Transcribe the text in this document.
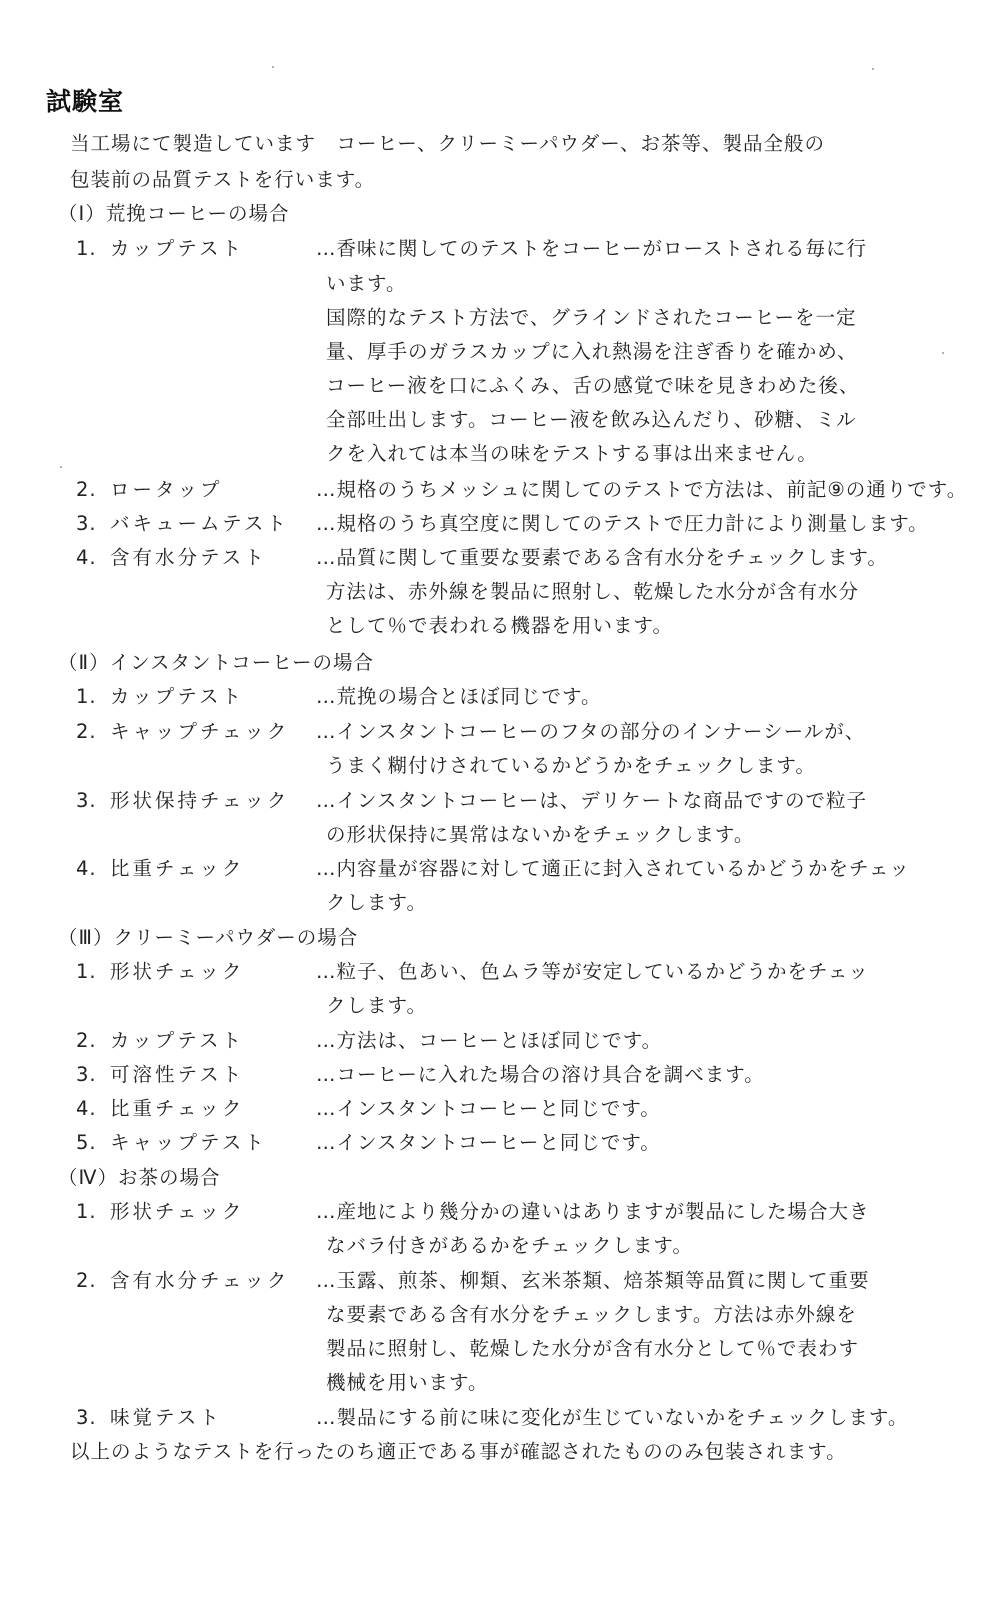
試験室
当工場にて製造しています　コーヒー、クリーミーパウダー、お茶等、製品全般の
包装前の品質テストを行います。
（Ⅰ）荒挽コーヒーの場合
1. カップテスト	…香味に関してのテストをコーヒーがローストされる毎に行
います。
国際的なテスト方法で、グラインドされたコーヒーを一定
量、厚手のガラスカップに入れ熱湯を注ぎ香りを確かめ、
コーヒー液を口にふくみ、舌の感覚で味を見きわめた後、
全部吐出します。コーヒー液を飲み込んだり、砂糖、ミル
クを入れては本当の味をテストする事は出来ません。
2. ロータップ	…規格のうちメッシュに関してのテストで方法は、前記⑨の通りです。
3. バキュームテスト …規格のうち真空度に関してのテストで圧力計により測量します。
4. 含有水分テスト	…品質に関して重要な要素である含有水分をチェックします。
方法は、赤外線を製品に照射し、乾燥した水分が含有水分
として％で表われる機器を用います。
（Ⅱ）インスタントコーヒーの場合
1. カップテスト	…荒挽の場合とほぼ同じです。
2. キャップチェック …インスタントコーヒーのフタの部分のインナーシールが、
うまく糊付けされているかどうかをチェックします。
3. 形状保持チェック …インスタントコーヒーは、デリケートな商品ですので粒子
の形状保持に異常はないかをチェックします。
4. 比重チェック	…内容量が容器に対して適正に封入されているかどうかをチェッ
クします。
（Ⅲ）クリーミーパウダーの場合
1. 形状チェック	…粒子、色あい、色ムラ等が安定しているかどうかをチェッ
クします。
2. カップテスト	…方法は、コーヒーとほぼ同じです。
3. 可溶性テスト	…コーヒーに入れた場合の溶け具合を調べます。
4. 比重チェック	…インスタントコーヒーと同じです。
5. キャップテスト	…インスタントコーヒーと同じです。
（Ⅳ）お茶の場合
1. 形状チェック	…産地により幾分かの違いはありますが製品にした場合大き
なバラ付きがあるかをチェックします。
2. 含有水分チェック …玉露、煎茶、柳類、玄米茶類、焙茶類等品質に関して重要
な要素である含有水分をチェックします。方法は赤外線を
製品に照射し、乾燥した水分が含有水分として％で表わす
機械を用います。
3. 味覚テスト	…製品にする前に味に変化が生じていないかをチェックします。
以上のようなテストを行ったのち適正である事が確認されたもののみ包装されます。
